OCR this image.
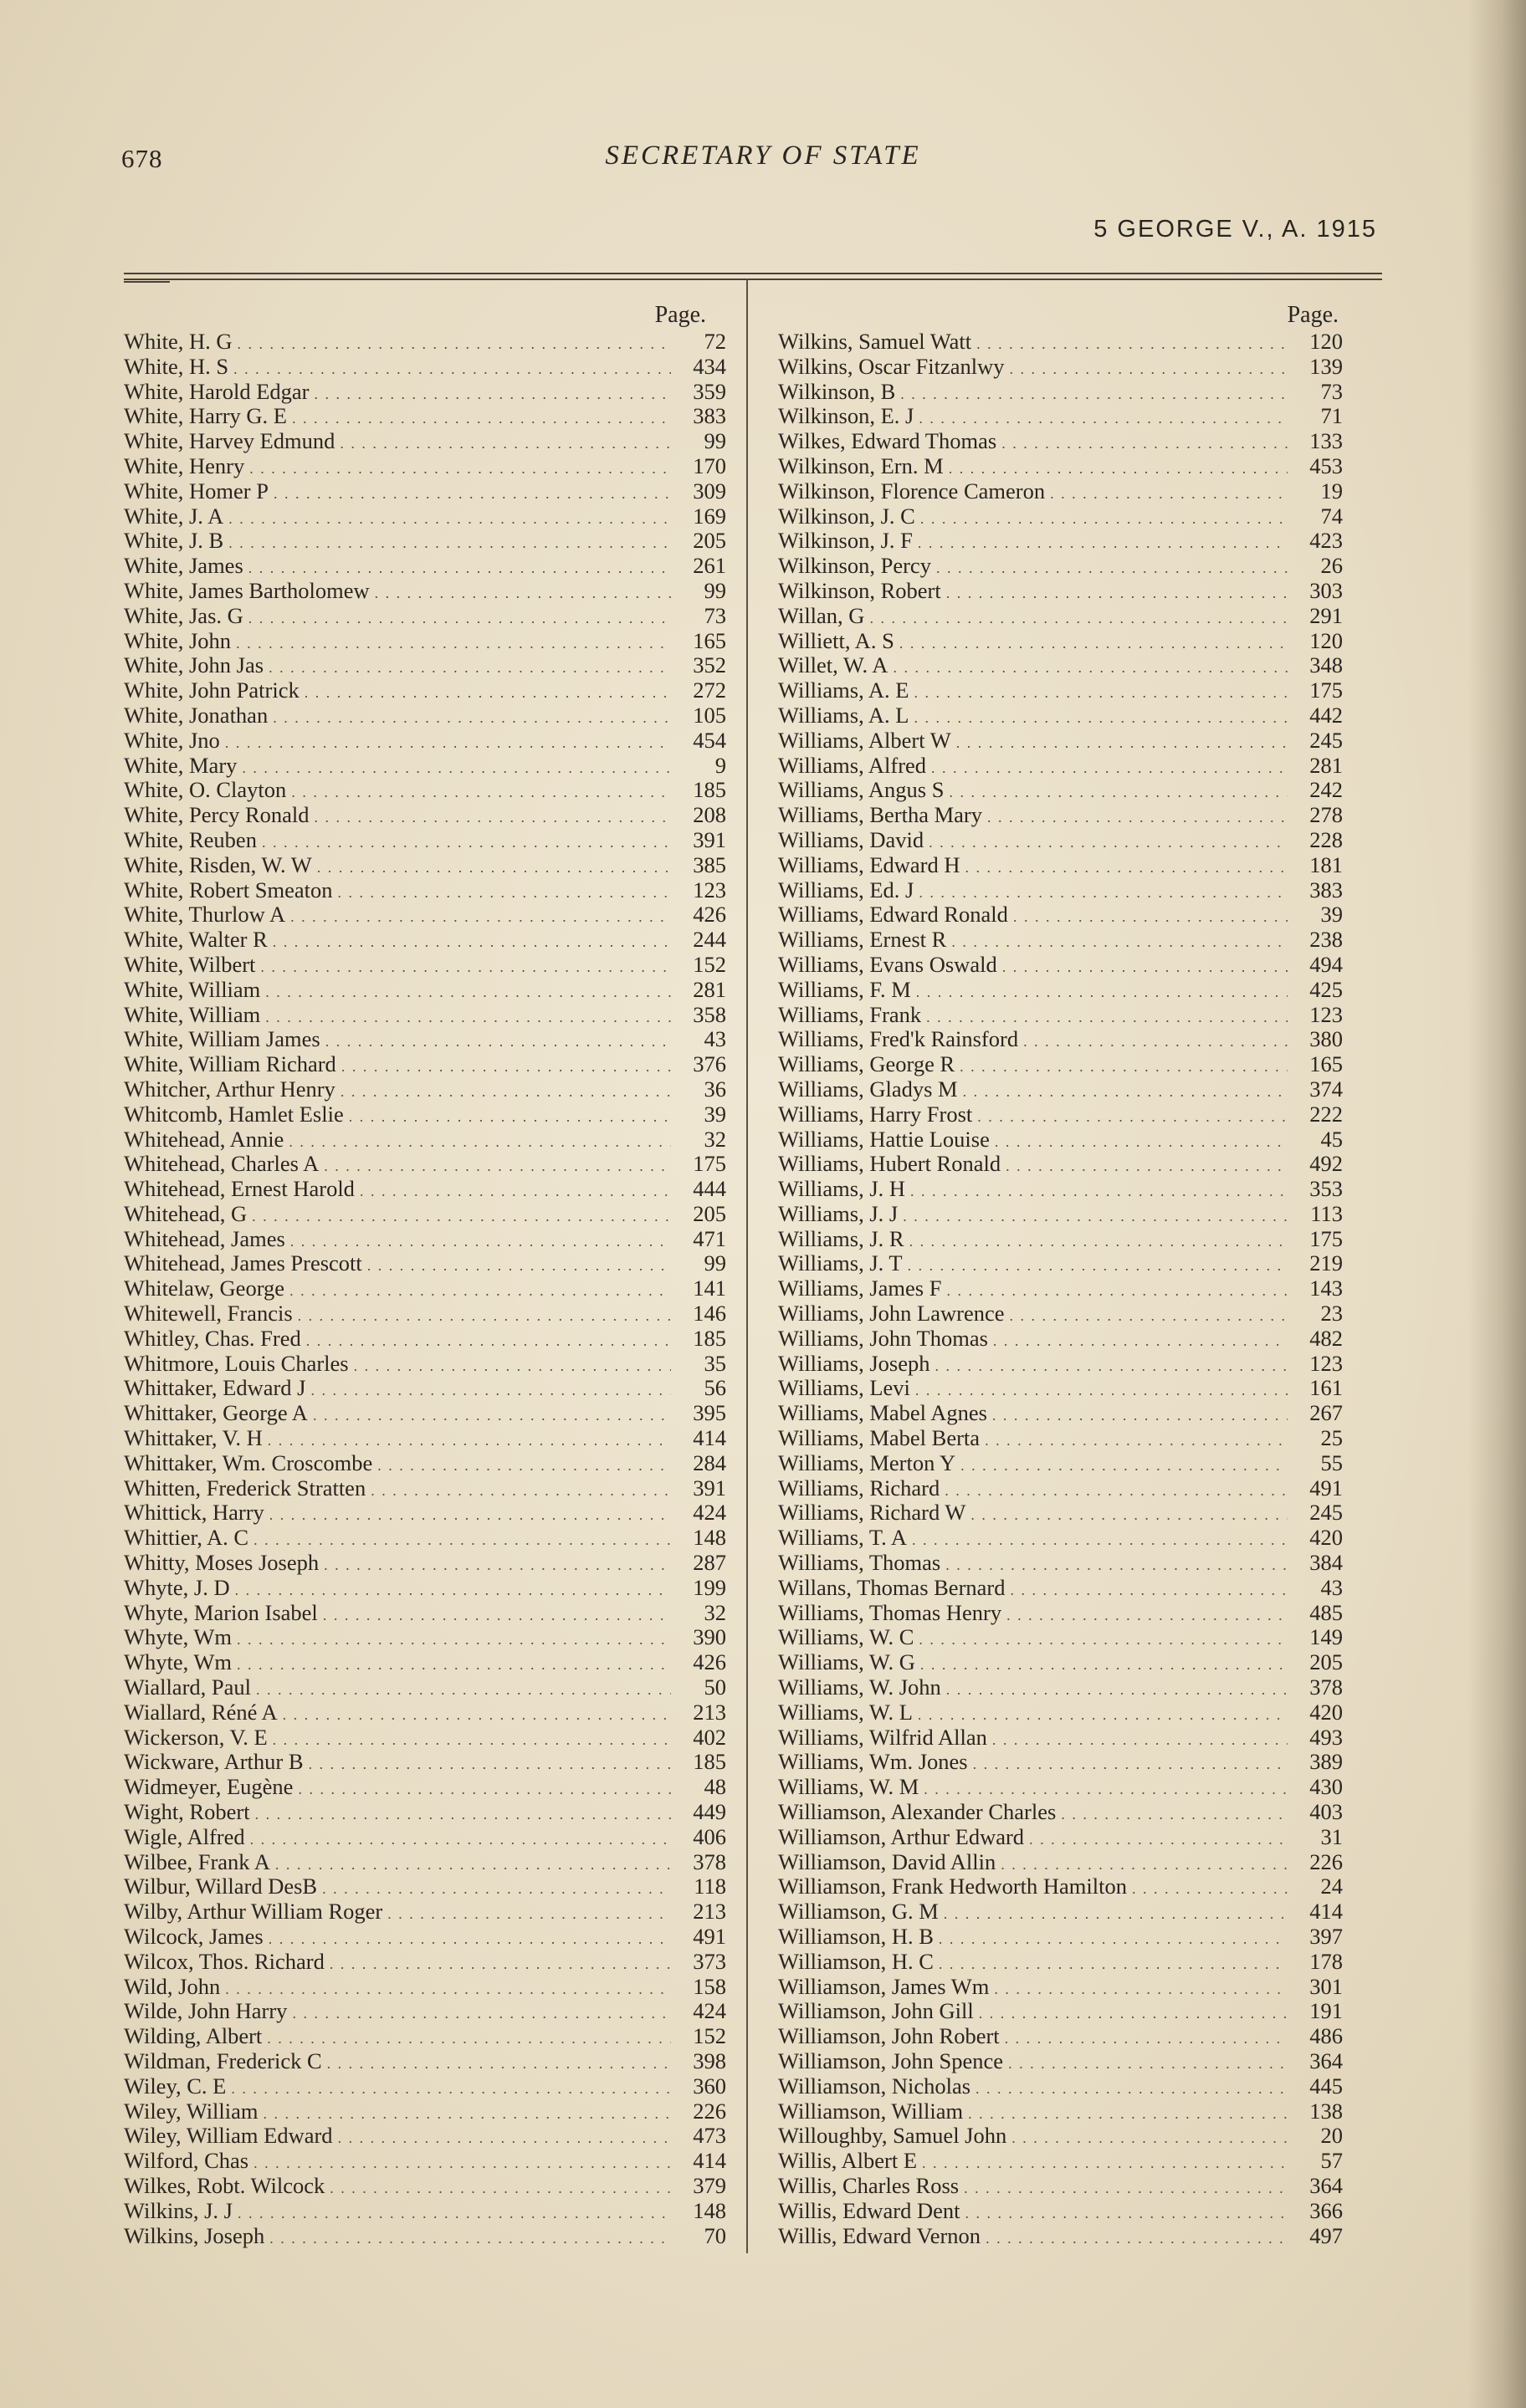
678	SECRETARY OF STATE
5 GEORGE V., A. 1915
Page.
White, H. G . . .	72
White, H. S . . .	434
White, Harold Edgar . . .	359
White, Harry G. E . . .	383
White, Harvey Edmund . . .	99
White, Henry . . .	170
White, Homer P . . .	309
White, J. A . . .	169
White, J. B . . .	205
White, James . . .	261
White, James Bartholomew . . .	99
White, Jas. G . . .	73
White, John . . .	165
White, John Jas . . .	352
White, John Patrick . . .	272
White, Jonathan . . .	105
White, Jno . . .	454
White, Mary . . .	9
White, O. Clayton . . .	185
White, Percy Ronald . . .	208
White, Reuben . . .	391
White, Risden, W. W . . .	385
White, Robert Smeaton . . .	123
White, Thurlow A . . .	426
White, Walter R . . .	244
White, Wilbert . . .	152
White, William . . .	281
White, William . . .	358
White, William James . . .	43
White, William Richard . . .	376
Whitcher, Arthur Henry . . .	36
Whitcomb, Hamlet Eslie . . .	39
Whitehead, Annie . . .	32
Whitehead, Charles A . . .	175
Whitehead, Ernest Harold . . .	444
Whitehead, G . . .	205
Whitehead, James . . .	471
Whitehead, James Prescott . . .	99
Whitelaw, George . . .	141
Whitewell, Francis . . .	146
Whitley, Chas. Fred . . .	185
Whitmore, Louis Charles . . .	35
Whittaker, Edward J . . .	56
Whittaker, George A . . .	395
Whittaker, V. H . . .	414
Whittaker, Wm. Croscombe . . .	284
Whitten, Frederick Stratten . . .	391
Whittick, Harry . . .	424
Whittier, A. C . . .	148
Whitty, Moses Joseph . . .	287
Whyte, J. D . . .	199
Whyte, Marion Isabel . . .	32
Whyte, Wm . . .	390
Whyte, Wm . . .	426
Wiallard, Paul . . .	50
Wiallard, Réné A . . .	213
Wickerson, V. E . . .	402
Wickware, Arthur B . . .	185
Widmeyer, Eugène . . .	48
Wight, Robert . . .	449
Wigle, Alfred . . .	406
Wilbee, Frank A . . .	378
Wilbur, Willard DesB . . .	118
Wilby, Arthur William Roger . . .	213
Wilcock, James . . .	491
Wilcox, Thos. Richard . . .	373
Wild, John . . .	158
Wilde, John Harry . . .	424
Wilding, Albert . . .	152
Wildman, Frederick C . . .	398
Wiley, C. E . . .	360
Wiley, William . . .	226
Wiley, William Edward . . .	473
Wilford, Chas . . .	414
Wilkes, Robt. Wilcock . . .	379
Wilkins, J. J . . .	148
Wilkins, Joseph . . .	70
Page.
Wilkins, Samuel Watt . . .	120
Wilkins, Oscar Fitzanlwy . . .	139
Wilkinson, B . . .	73
Wilkinson, E. J . . .	71
Wilkes, Edward Thomas . . .	133
Wilkinson, Ern. M . . .	453
Wilkinson, Florence Cameron . . .	19
Wilkinson, J. C . . .	74
Wilkinson, J. F . . .	423
Wilkinson, Percy . . .	26
Wilkinson, Robert . . .	303
Willan, G . . .	291
Williett, A. S . . .	120
Willet, W. A . . .	348
Williams, A. E . . .	175
Williams, A. L . . .	442
Williams, Albert W . . .	245
Williams, Alfred . . .	281
Williams, Angus S . . .	242
Williams, Bertha Mary . . .	278
Williams, David . . .	228
Williams, Edward H . . .	181
Williams, Ed. J . . .	383
Williams, Edward Ronald . . .	39
Williams, Ernest R . . .	238
Williams, Evans Oswald . . .	494
Williams, F. M . . .	425
Williams, Frank . . .	123
Williams, Fred'k Rainsford . . .	380
Williams, George R . . .	165
Williams, Gladys M . . .	374
Williams, Harry Frost . . .	222
Williams, Hattie Louise . . .	45
Williams, Hubert Ronald . . .	492
Williams, J. H . . .	353
Williams, J. J . . .	113
Williams, J. R . . .	175
Williams, J. T . . .	219
Williams, James F . . .	143
Williams, John Lawrence . . .	23
Williams, John Thomas . . .	482
Williams, Joseph . . .	123
Williams, Levi . . .	161
Williams, Mabel Agnes . . .	267
Williams, Mabel Berta . . .	25
Williams, Merton Y . . .	55
Williams, Richard . . .	491
Williams, Richard W . . .	245
Williams, T. A . . .	420
Williams, Thomas . . .	384
Willans, Thomas Bernard . . .	43
Williams, Thomas Henry . . .	485
Williams, W. C . . .	149
Williams, W. G . . .	205
Williams, W. John . . .	378
Williams, W. L . . .	420
Williams, Wilfrid Allan . . .	493
Williams, Wm. Jones . . .	389
Williams, W. M . . .	430
Williamson, Alexander Charles . . .	403
Williamson, Arthur Edward . . .	31
Williamson, David Allin . . .	226
Williamson, Frank Hedworth Hamilton . . .	24
Williamson, G. M . . .	414
Williamson, H. B . . .	397
Williamson, H. C . . .	178
Williamson, James Wm . . .	301
Williamson, John Gill . . .	191
Williamson, John Robert . . .	486
Williamson, John Spence . . .	364
Williamson, Nicholas . . .	445
Williamson, William . . .	138
Willoughby, Samuel John . . .	20
Willis, Albert E . . .	57
Willis, Charles Ross . . .	364
Willis, Edward Dent . . .	366
Willis, Edward Vernon . . .	497
